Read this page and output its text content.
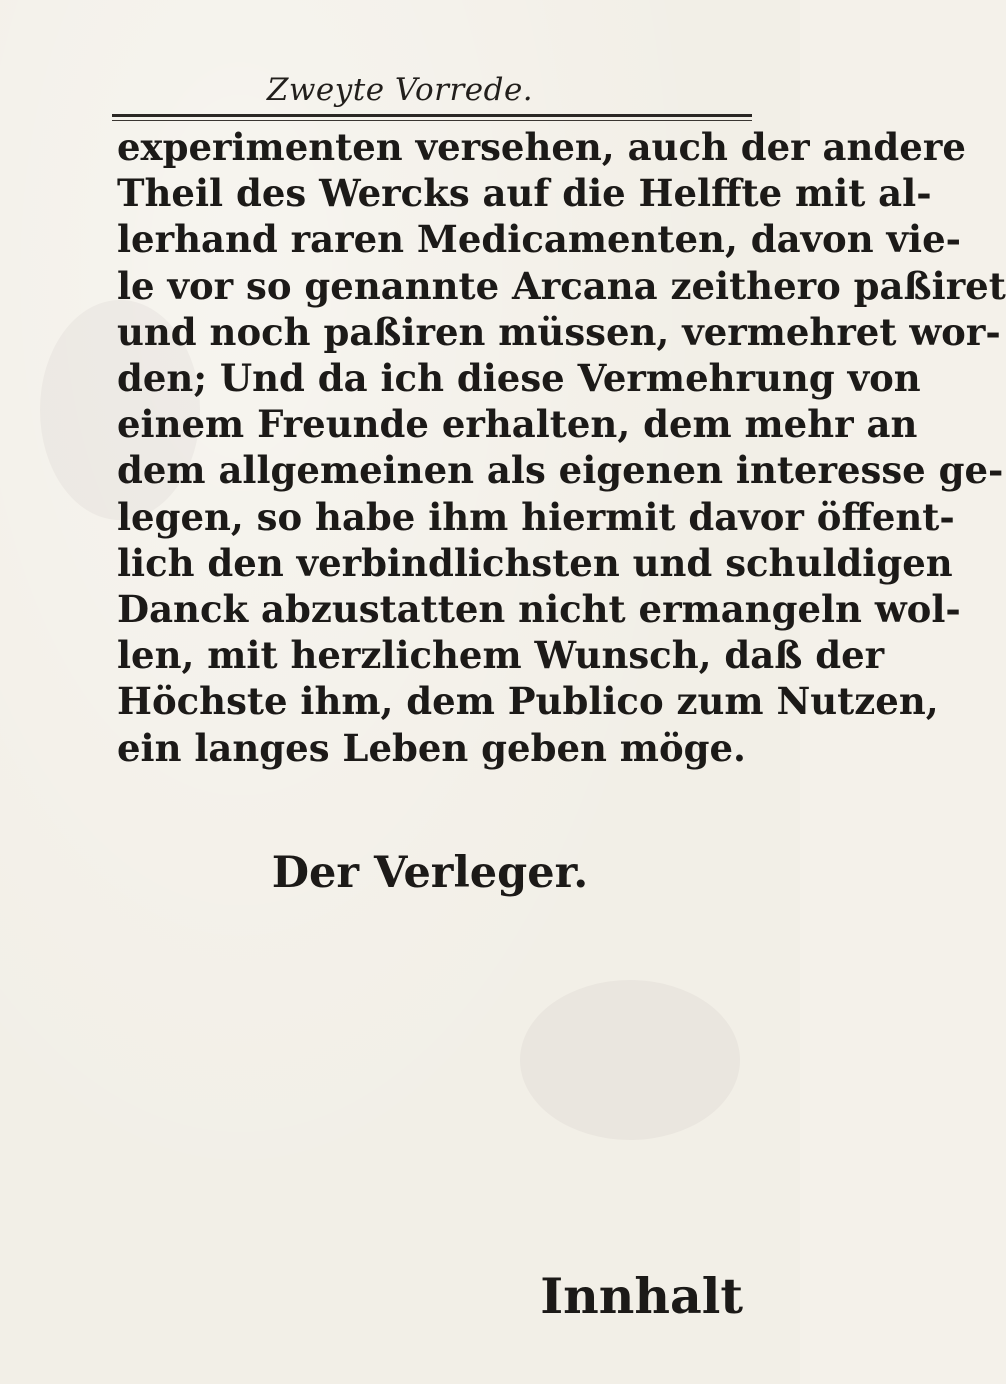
Zweyte Vorrede.
experimenten versehen, auch der andere
Theil des Wercks auf die Helffte mit al-
lerhand raren Medicamenten, davon vie-
le vor so genannte Arcana zeithero paßiret
und noch paßiren müssen, vermehret wor-
den; Und da ich diese Vermehrung von
einem Freunde erhalten, dem mehr an
dem allgemeinen als eigenen interesse ge-
legen, so habe ihm hiermit davor öffent-
lich den verbindlichsten und schuldigen
Danck abzustatten nicht ermangeln wol-
len, mit herzlichem Wunsch, daß der
Höchste ihm, dem Publico zum Nutzen,
ein langes Leben geben möge.
Der Verleger.
Innhalt
